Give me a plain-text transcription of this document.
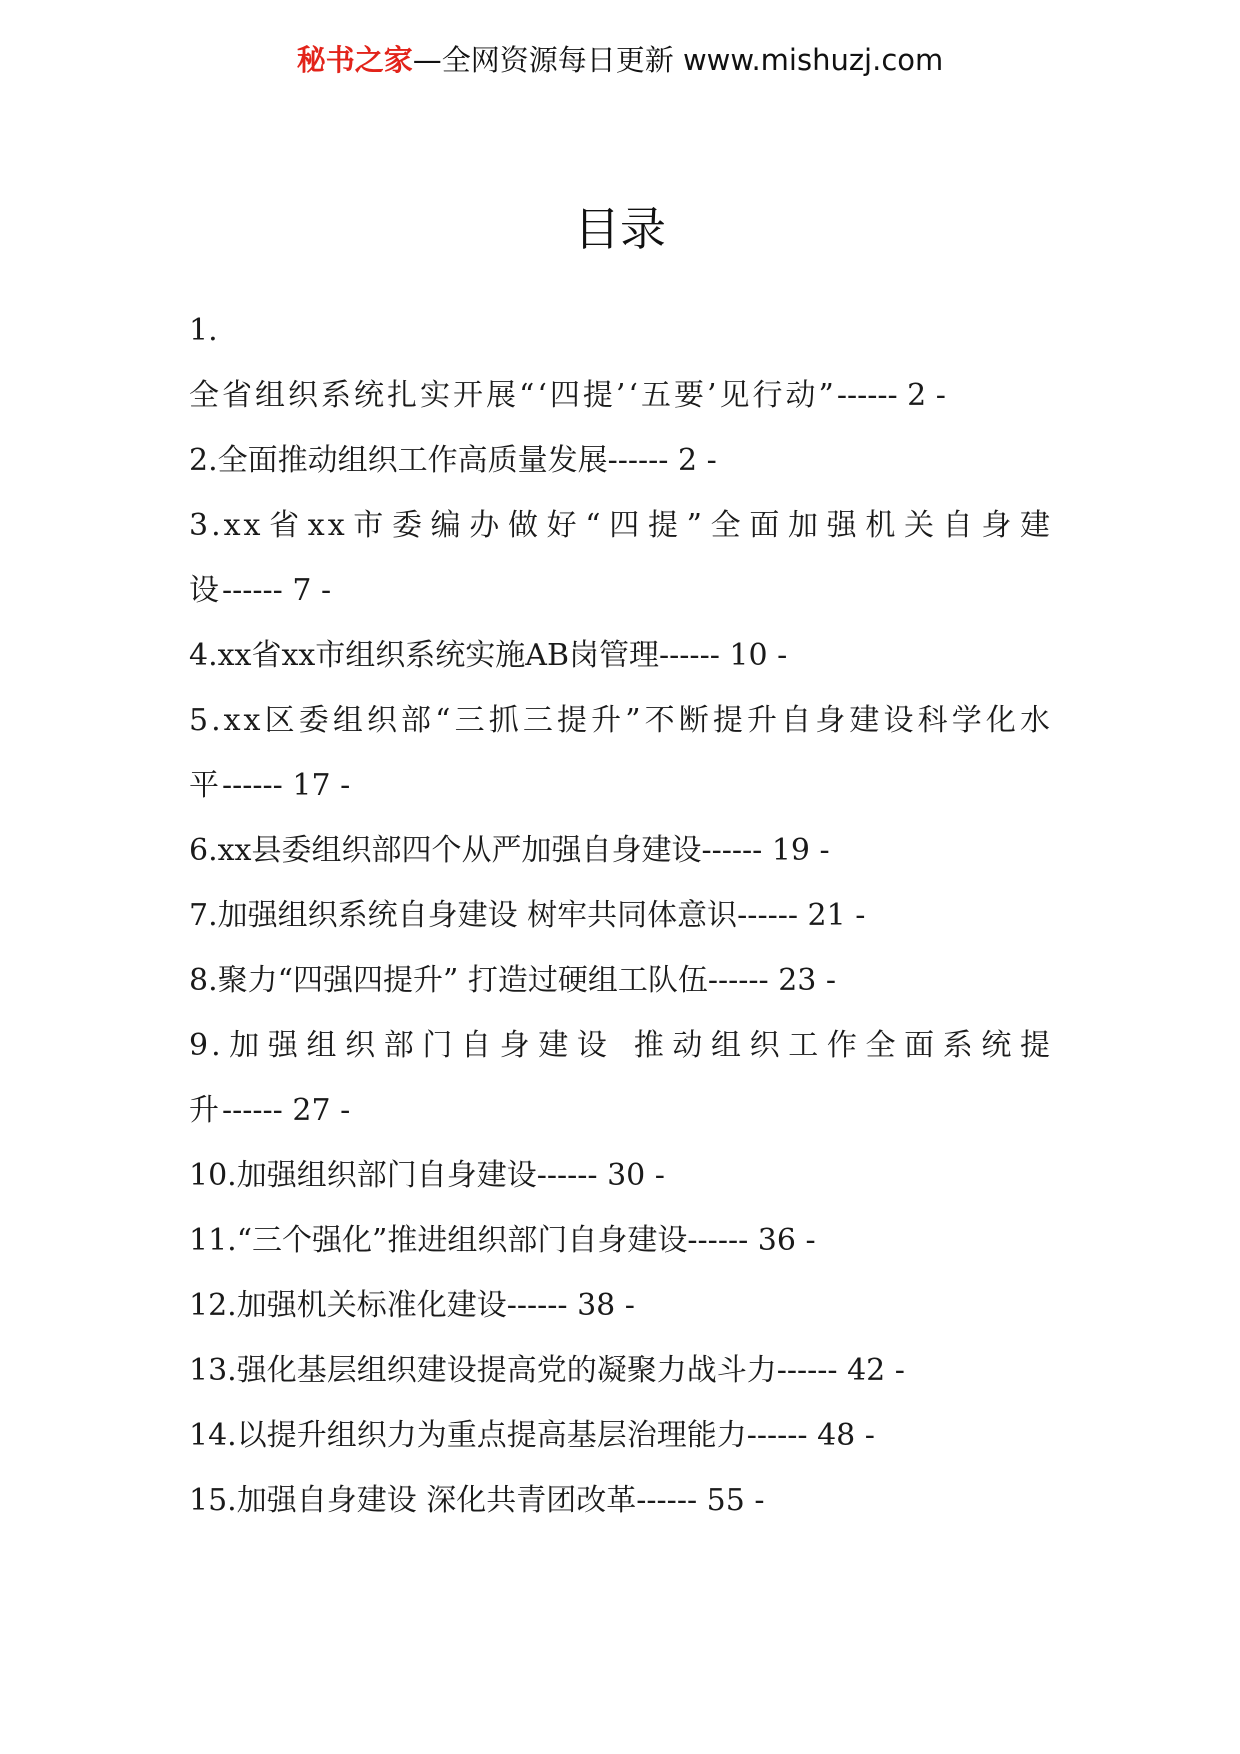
秘书之家—全网资源每日更新 www.mishuzj.com
目录
1.
全省组织系统扎实开展“‘四提’‘五要’见行动”------ 2 -
2.全面推动组织工作高质量发展------ 2 -
3.xx省xx市委编办做好“四提”全面加强机关自身建设------ 7 -
4.xx省xx市组织系统实施AB岗管理------ 10 -
5.xx区委组织部“三抓三提升”不断提升自身建设科学化水平------ 17 -
6.xx县委组织部四个从严加强自身建设------ 19 -
7.加强组织系统自身建设 树牢共同体意识------ 21 -
8.聚力“四强四提升” 打造过硬组工队伍------ 23 -
9.加强组织部门自身建设 推动组织工作全面系统提升------ 27 -
10.加强组织部门自身建设------ 30 -
11.“三个强化”推进组织部门自身建设------ 36 -
12.加强机关标准化建设------ 38 -
13.强化基层组织建设提高党的凝聚力战斗力------ 42 -
14.以提升组织力为重点提高基层治理能力------ 48 -
15.加强自身建设 深化共青团改革------ 55 -
